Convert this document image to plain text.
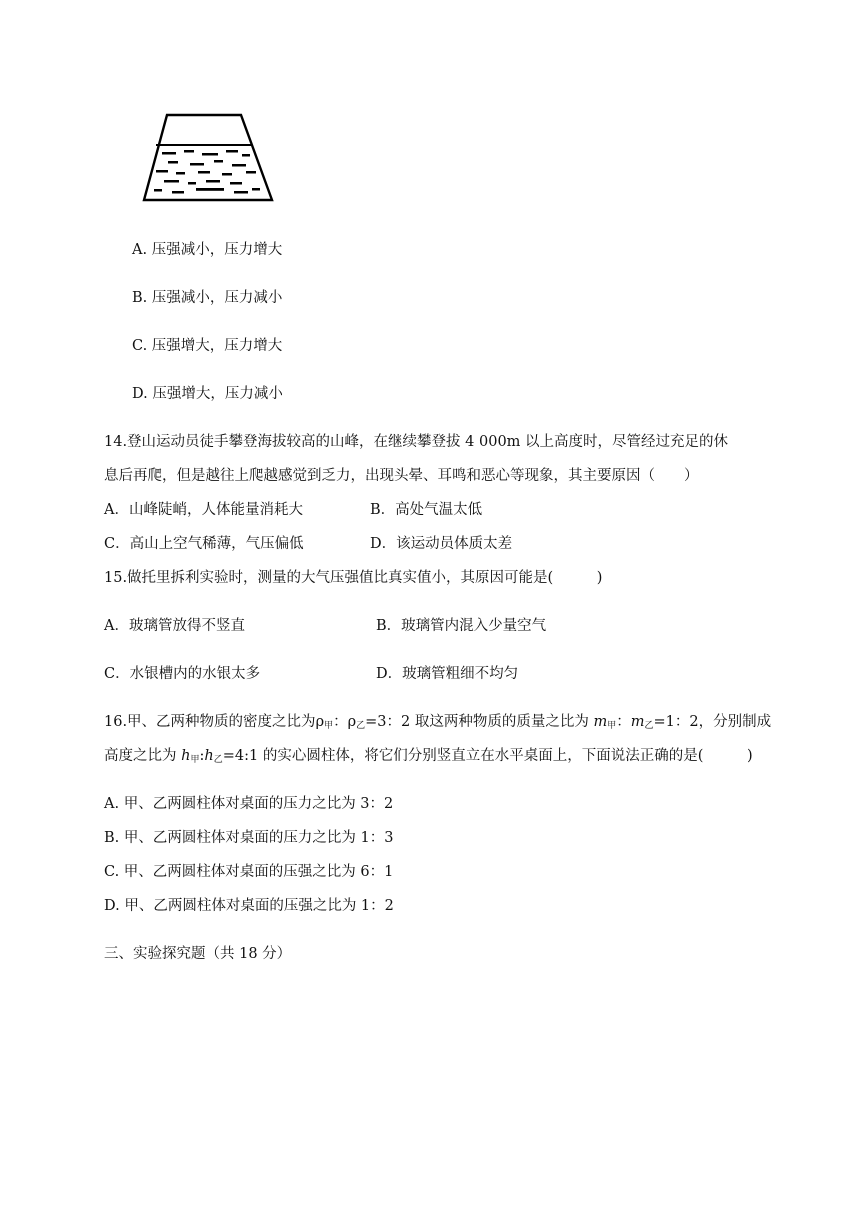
A. 压强减小，压力增大
B. 压强减小，压力减小
C. 压强增大，压力增大
D. 压强增大，压力减小
14.登山运动员徒手攀登海拔较高的山峰，在继续攀登拔 4 000m 以上高度时，尽管经过充足的休
息后再爬，但是越往上爬越感觉到乏力，出现头晕、耳鸣和恶心等现象，其主要原因（　　）
A．山峰陡峭，人体能量消耗大	B．高处气温太低
C．高山上空气稀薄，气压偏低	D．该运动员体质太差
15.做托里拆利实验时，测量的大气压强值比真实值小，其原因可能是(　　　)
A．玻璃管放得不竖直	B．玻璃管内混入少量空气
C．水银槽内的水银太多	D．玻璃管粗细不均匀
16.甲、乙两种物质的密度之比为$\rho_甲$：$\rho_乙=3$：2 取这两种物质的质量之比为 $m_甲$：$m_乙=1$：2，分别制成
高度之比为 $h_甲:h_乙=4:1$ 的实心圆柱体，将它们分别竖直立在水平桌面上，下面说法正确的是(　　　)
A. 甲、乙两圆柱体对桌面的压力之比为 3：2
B. 甲、乙两圆柱体对桌面的压力之比为 1：3
C. 甲、乙两圆柱体对桌面的压强之比为 6：1
D. 甲、乙两圆柱体对桌面的压强之比为 1：2
三、实验探究题（共 18 分）
